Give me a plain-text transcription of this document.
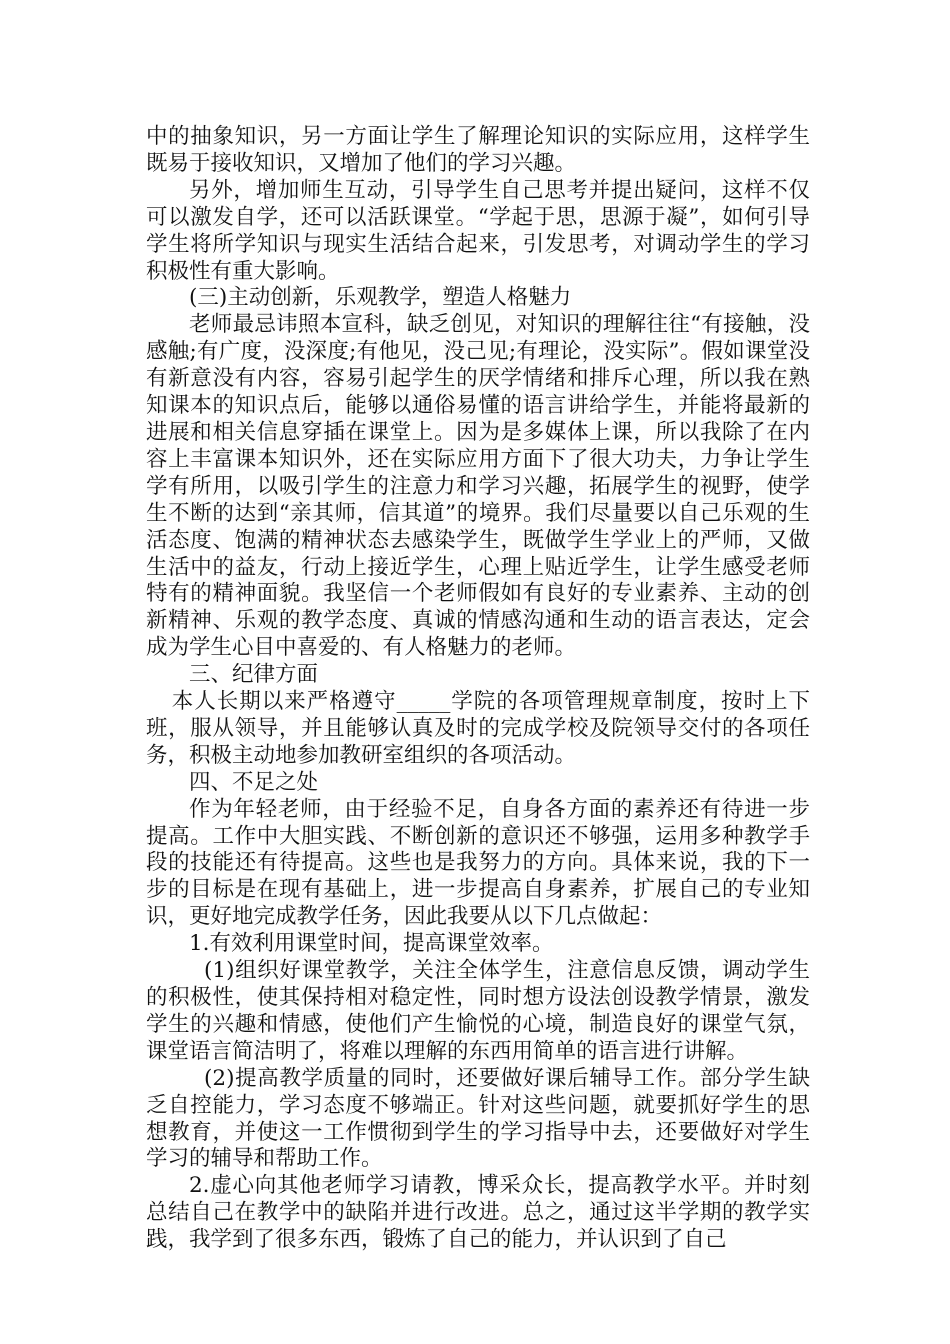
中的抽象知识，另一方面让学生了解理论知识的实际应用，这样学生既易于接收知识，又增加了他们的学习兴趣。

另外，增加师生互动，引导学生自己思考并提出疑问，这样不仅可以激发自学，还可以活跃课堂。“学起于思，思源于凝”，如何引导学生将所学知识与现实生活结合起来，引发思考，对调动学生的学习积极性有重大影响。

(三)主动创新，乐观教学，塑造人格魅力

老师最忌讳照本宣科，缺乏创见，对知识的理解往往“有接触，没感触;有广度，没深度;有他见，没己见;有理论，没实际”。假如课堂没有新意没有内容，容易引起学生的厌学情绪和排斥心理，所以我在熟知课本的知识点后，能够以通俗易懂的语言讲给学生，并能将最新的进展和相关信息穿插在课堂上。因为是多媒体上课，所以我除了在内容上丰富课本知识外，还在实际应用方面下了很大功夫，力争让学生学有所用，以吸引学生的注意力和学习兴趣，拓展学生的视野，使学生不断的达到“亲其师，信其道”的境界。我们尽量要以自己乐观的生活态度、饱满的精神状态去感染学生，既做学生学业上的严师，又做生活中的益友，行动上接近学生，心理上贴近学生，让学生感受老师特有的精神面貌。我坚信一个老师假如有良好的专业素养、主动的创新精神、乐观的教学态度、真诚的情感沟通和生动的语言表达，定会成为学生心目中喜爱的、有人格魅力的老师。

三、纪律方面

本人长期以来严格遵守_____学院的各项管理规章制度，按时上下班，服从领导，并且能够认真及时的完成学校及院领导交付的各项任务，积极主动地参加教研室组织的各项活动。

四、不足之处

作为年轻老师，由于经验不足，自身各方面的素养还有待进一步提高。工作中大胆实践、不断创新的意识还不够强，运用多种教学手段的技能还有待提高。这些也是我努力的方向。具体来说，我的下一步的目标是在现有基础上，进一步提高自身素养，扩展自己的专业知识，更好地完成教学任务，因此我要从以下几点做起：

1.有效利用课堂时间，提高课堂效率。

(1)组织好课堂教学，关注全体学生，注意信息反馈，调动学生的积极性，使其保持相对稳定性，同时想方设法创设教学情景，激发学生的兴趣和情感，使他们产生愉悦的心境，制造良好的课堂气氛，课堂语言简洁明了，将难以理解的东西用简单的语言进行讲解。

(2)提高教学质量的同时，还要做好课后辅导工作。部分学生缺乏自控能力，学习态度不够端正。针对这些问题，就要抓好学生的思想教育，并使这一工作惯彻到学生的学习指导中去，还要做好对学生学习的辅导和帮助工作。

2.虚心向其他老师学习请教，博采众长，提高教学水平。并时刻总结自己在教学中的缺陷并进行改进。总之，通过这半学期的教学实践，我学到了很多东西，锻炼了自己的能力，并认识到了自己
